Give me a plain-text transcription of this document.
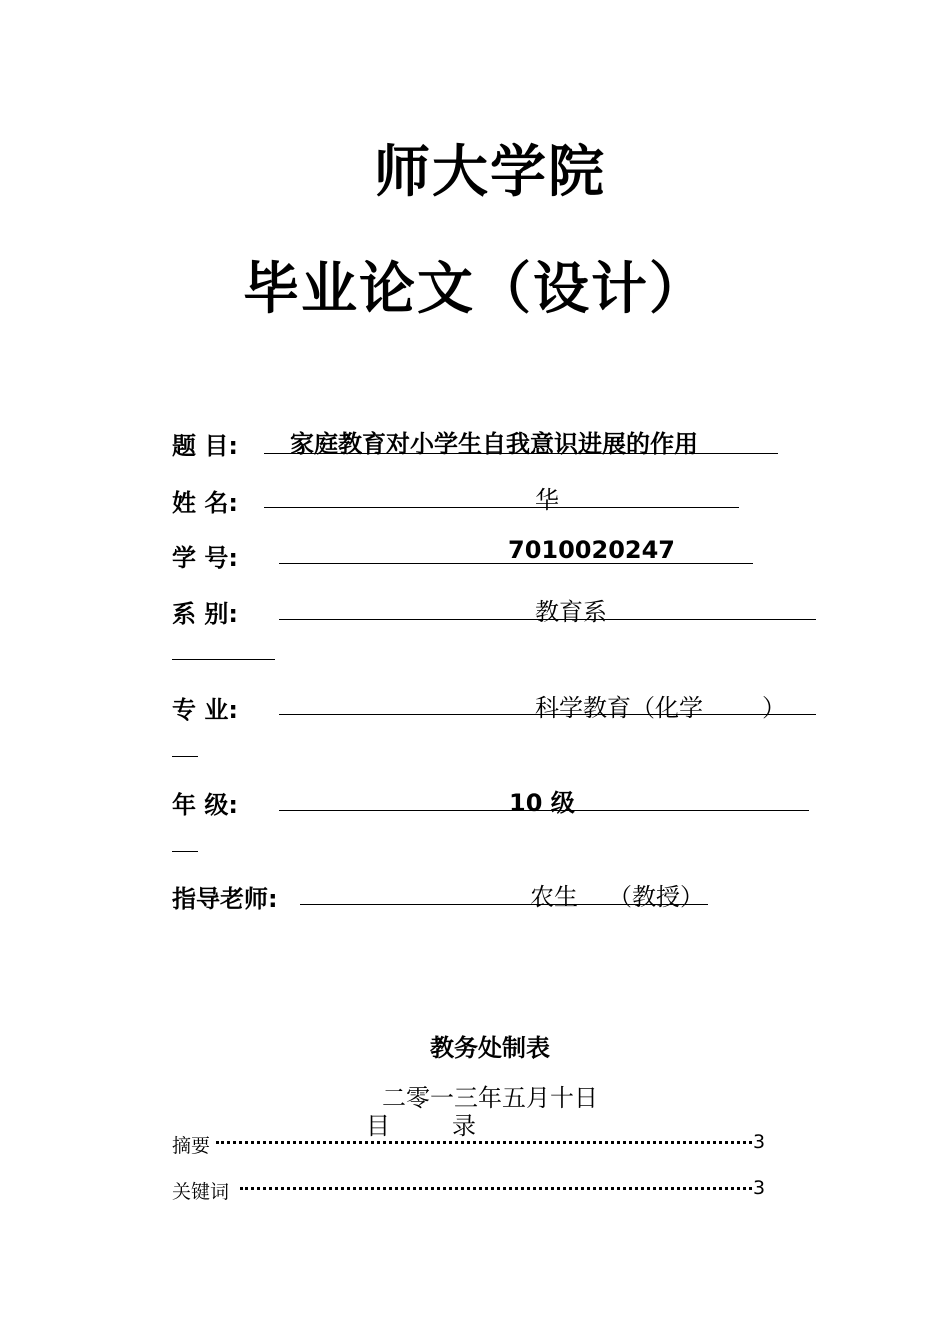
师大学院
毕业论文（设计）
题 目: 家庭教育对小学生自我意识进展的作用
姓 名:	华
学 号:	7010020247
系 别:	教育系
专 业:	科学教育（化学 ）
年 级:	10 级
指导老师:	农生 （教授）
教务处制表
二零一三年五月十日
目	录
摘要	3
关键词	3
